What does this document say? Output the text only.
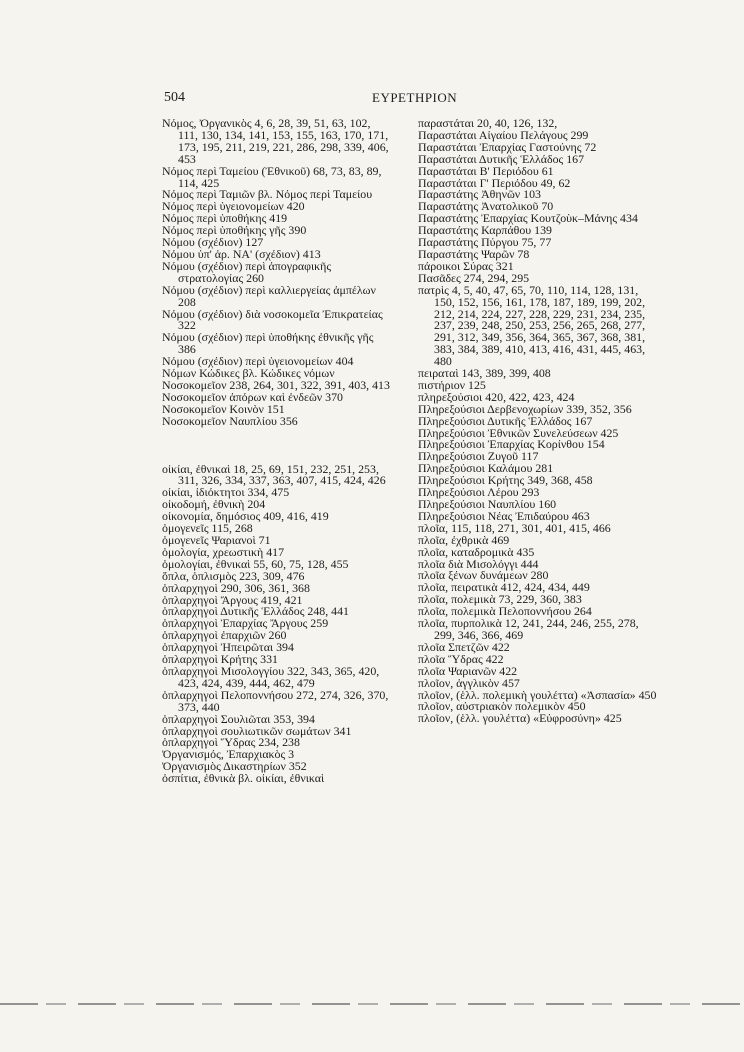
504	ΕΥΡΕΤΗΡΙΟΝ
Νόμος, Ὀργανικὸς 4, 6, 28, 39, 51, 63, 102, 111, 130, 134, 141, 153, 155, 163, 170, 171, 173, 195, 211, 219, 221, 286, 298, 339, 406, 453
Νόμος περὶ Ταμείου (Ἐθνικοῦ) 68, 73, 83, 89, 114, 425
Νόμος περὶ Ταμιῶν βλ. Νόμος περὶ Ταμείου
Νόμος περὶ ὑγειονομείων 420
Νόμος περὶ ὑποθήκης 419
Νόμος περὶ ὑποθήκης γῆς 390
Νόμου (σχέδιον) 127
Νόμου ὑπ' ἀρ. ΝΑ' (σχέδιον) 413
Νόμου (σχέδιον) περὶ ἀπογραφικῆς στρατολογίας 260
Νόμου (σχέδιον) περὶ καλλιεργείας ἀμπέλων 208
Νόμου (σχέδιον) διὰ νοσοκομεῖα Ἐπικρατείας 322
Νόμου (σχέδιον) περὶ ὑποθήκης ἐθνικῆς γῆς 386
Νόμου (σχέδιον) περὶ ὑγειονομείων 404
Νόμων Κώδικες βλ. Κώδικες νόμων
Νοσοκομεῖον 238, 264, 301, 322, 391, 403, 413
Νοσοκομεῖον ἀπόρων καὶ ἐνδεῶν 370
Νοσοκομεῖον Κοινὸν 151
Νοσοκομεῖον Ναυπλίου 356
οἰκίαι, ἐθνικαὶ 18, 25, 69, 151, 232, 251, 253, 311, 326, 334, 337, 363, 407, 415, 424, 426
οἰκίαι, ἰδιόκτητοι 334, 475
οἰκοδομή, ἐθνικὴ 204
οἰκονομία, δημόσιος 409, 416, 419
ὁμογενεῖς 115, 268
ὁμογενεῖς Ψαριανοὶ 71
ὁμολογία, χρεωστικὴ 417
ὁμολογίαι, ἐθνικαὶ 55, 60, 75, 128, 455
ὅπλα, ὁπλισμὸς 223, 309, 476
ὁπλαρχηγοὶ 290, 306, 361, 368
ὁπλαρχηγοὶ Ἄργους 419, 421
ὁπλαρχηγοὶ Δυτικῆς Ἑλλάδος 248, 441
ὁπλαρχηγοὶ Ἐπαρχίας Ἄργους 259
ὁπλαρχηγοὶ ἐπαρχιῶν 260
ὁπλαρχηγοὶ Ἠπειρῶται 394
ὁπλαρχηγοὶ Κρήτης 331
ὁπλαρχηγοὶ Μισολογγίου 322, 343, 365, 420, 423, 424, 439, 444, 462, 479
ὁπλαρχηγοὶ Πελοποννήσου 272, 274, 326, 370, 373, 440
ὁπλαρχηγοὶ Σουλιῶται 353, 394
ὁπλαρχηγοὶ σουλιωτικῶν σωμάτων 341
ὁπλαρχηγοὶ Ὕδρας 234, 238
Ὀργανισμός, Ἐπαρχιακὸς 3
Ὀργανισμὸς Δικαστηρίων 352
ὀσπίτια, ἐθνικὰ βλ. οἰκίαι, ἐθνικαὶ
παραστάται 20, 40, 126, 132,
Παραστάται Αἰγαίου Πελάγους 299
Παραστάται Ἐπαρχίας Γαστούνης 72
Παραστάται Δυτικῆς Ἑλλάδος 167
Παραστάται Β' Περιόδου 61
Παραστάται Γ' Περιόδου 49, 62
Παραστάτης Ἀθηνῶν 103
Παραστάτης Ἀνατολικοῦ 70
Παραστάτης Ἐπαρχίας Κουτζοὺκ–Μάνης 434
Παραστάτης Καρπάθου 139
Παραστάτης Πύργου 75, 77
Παραστάτης Ψαρῶν 78
πάροικοι Σύρας 321
Πασᾶδες 274, 294, 295
πατρὶς 4, 5, 40, 47, 65, 70, 110, 114, 128, 131, 150, 152, 156, 161, 178, 187, 189, 199, 202, 212, 214, 224, 227, 228, 229, 231, 234, 235, 237, 239, 248, 250, 253, 256, 265, 268, 277, 291, 312, 349, 356, 364, 365, 367, 368, 381, 383, 384, 389, 410, 413, 416, 431, 445, 463, 480
πειραταὶ 143, 389, 399, 408
πιστήριον 125
πληρεξούσιοι 420, 422, 423, 424
Πληρεξούσιοι Δερβενοχωρίων 339, 352, 356
Πληρεξούσιοι Δυτικῆς Ἑλλάδος 167
Πληρεξούσιοι Ἐθνικῶν Συνελεύσεων 425
Πληρεξούσιοι Ἐπαρχίας Κορίνθου 154
Πληρεξούσιοι Ζυγοῦ 117
Πληρεξούσιοι Καλάμου 281
Πληρεξούσιοι Κρήτης 349, 368, 458
Πληρεξούσιοι Λέρου 293
Πληρεξούσιοι Ναυπλίου 160
Πληρεξούσιοι Νέας Ἐπιδαύρου 463
πλοῖα, 115, 118, 271, 301, 401, 415, 466
πλοῖα, ἐχθρικὰ 469
πλοῖα, καταδρομικὰ 435
πλοῖα διὰ Μισολόγγι 444
πλοῖα ξένων δυνάμεων 280
πλοῖα, πειρατικὰ 412, 424, 434, 449
πλοῖα, πολεμικὰ 73, 229, 360, 383
πλοῖα, πολεμικὰ Πελοποννήσου 264
πλοῖα, πυρπολικὰ 12, 241, 244, 246, 255, 278, 299, 346, 366, 469
πλοῖα Σπετζῶν 422
πλοῖα Ὕδρας 422
πλοῖα Ψαριανῶν 422
πλοῖον, ἀγγλικὸν 457
πλοῖον, (ἑλλ. πολεμικὴ γουλέττα) «Ἀσπασία» 450
πλοῖον, αὐστριακὸν πολεμικὸν 450
πλοῖον, (ἑλλ. γουλέττα) «Εὐφροσύνη» 425
